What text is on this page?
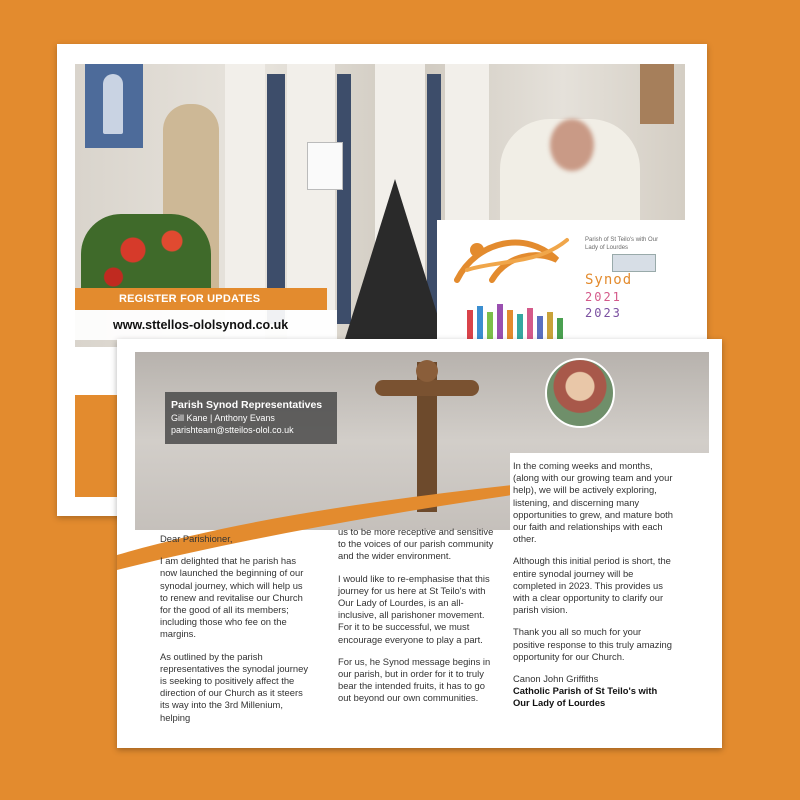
REGISTER FOR UPDATES
www.sttellos-ololsynod.co.uk
Parish of St Teilo's with Our Lady of Lourdes
Synod
2021
2023
Parish Synod Representatives
Gill Kane | Anthony Evans
parishteam@stteilos-olol.co.uk

Dear Parishioner,

I am delighted that he parish has now launched the beginning of our synodal journey, which will help us to renew and revitalise our Church for the good of all its members; including those who fee on the margins.

As outlined by the parish representatives the synodal journey is seeking to positively affect the direction of our Church as it steers its way into the 3rd Millenium, helping

us to be more receptive and sensitive to the voices of our parish community and the wider environment.

I would like to re-emphasise that this journey for us here at St Teilo's with Our Lady of Lourdes, is an all-inclusive, all parishoner movement. For it to be successful, we must encourage everyone to play a part.

For us, he Synod message begins in our parish, but in order for it to truly bear the intended fruits, it has to go out beyond our own communities.

In the coming weeks and months, (along with our growing team and your help), we will be actively exploring, listening, and discerning many opportunities to grew, and mature both our faith and relationships with each other.

Although this initial period is short, the entire synodal journey will be completed in 2023. This provides us with a clear opportunity to clarify our parish vision.

Thank you all so much for your positive response to this truly amazing opportunity for our Church.

Canon John Griffiths
Catholic Parish of St Teilo's with
Our Lady of Lourdes
